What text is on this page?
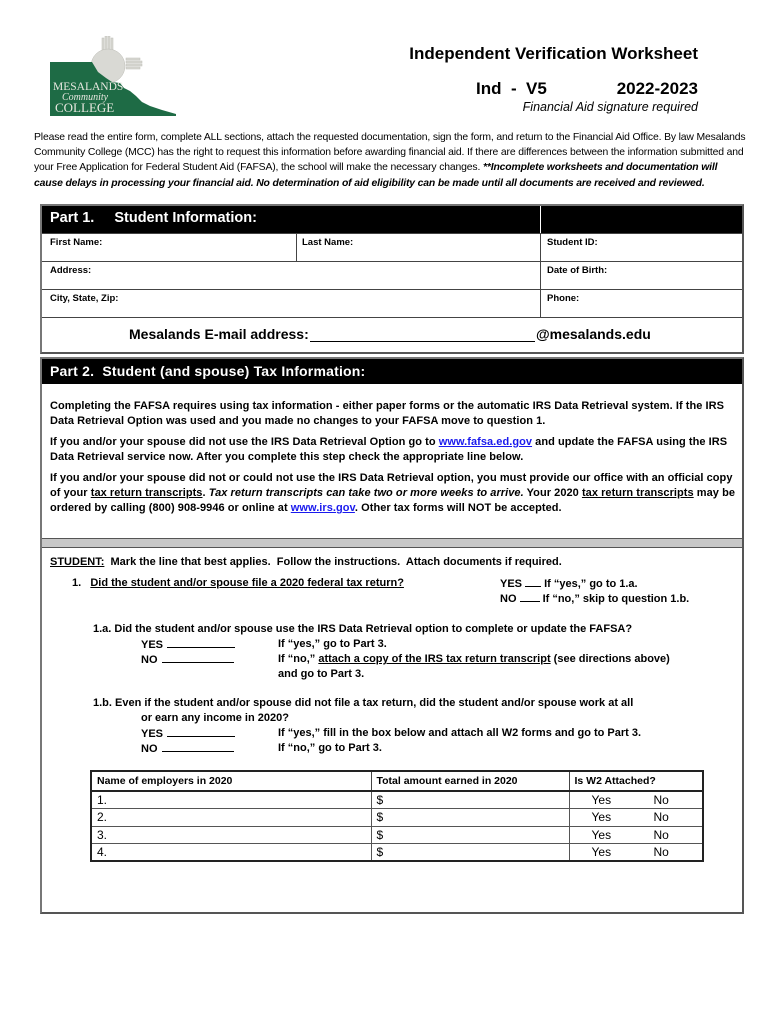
MESALANDS
Community
COLLEGE
Independent Verification Worksheet
Ind  -  V5	2022-2023
Financial Aid signature required
Please read the entire form, complete ALL sections, attach the requested documentation, sign the form, and return to the Financial Aid Office. By law Mesalands Community College (MCC) has the right to request this information before awarding financial aid. If there are differences between the information submitted and your Free Application for Federal Student Aid (FAFSA), the school will make the necessary changes. **Incomplete worksheets and documentation will cause delays in processing your financial aid. No determination of aid eligibility can be made until all documents are received and reviewed.
Part 1. Student Information:
First Name:	Last Name:	Student ID:
Address:	Date of Birth:
City, State, Zip:	Phone:
Mesalands E-mail address:	@mesalands.edu
Part 2.  Student (and spouse) Tax Information:

Completing the FAFSA requires using tax information - either paper forms or the automatic IRS Data Retrieval system. If the IRS Data Retrieval Option was used and you made no changes to your FAFSA move to question 1.

If you and/or your spouse did not use the IRS Data Retrieval Option go to www.fafsa.ed.gov and update the FAFSA using the IRS Data Retrieval service now. After you complete this step check the appropriate line below.

If you and/or your spouse did not or could not use the IRS Data Retrieval option, you must provide our office with an official copy of your tax return transcripts. Tax return transcripts can take two or more weeks to arrive. Your 2020 tax return transcripts may be ordered by calling (800) 908-9946 or online at www.irs.gov. Other tax forms will NOT be accepted.

STUDENT:  Mark the line that best applies.  Follow the instructions.  Attach documents if required.
1. Did the student and/or spouse file a 2020 federal tax return?	YES If “yes,” go to 1.a.
NO If “no,” skip to question 1.b.
1.a. Did the student and/or spouse use the IRS Data Retrieval option to complete or update the FAFSA?
YES	If “yes,” go to Part 3.
NO	If “no,” attach a copy of the IRS tax return transcript (see directions above)
and go to Part 3.
1.b. Even if the student and/or spouse did not file a tax return, did the student and/or spouse work at all
or earn any income in 2020?
YES	If “yes,” fill in the box below and attach all W2 forms and go to Part 3.
NO	If “no,” go to Part 3.
Name of employers in 2020	Total amount earned in 2020	Is W2 Attached?
1.	$	Yes No

2.	$	Yes No

3.	$	Yes No

4.	$	Yes No
